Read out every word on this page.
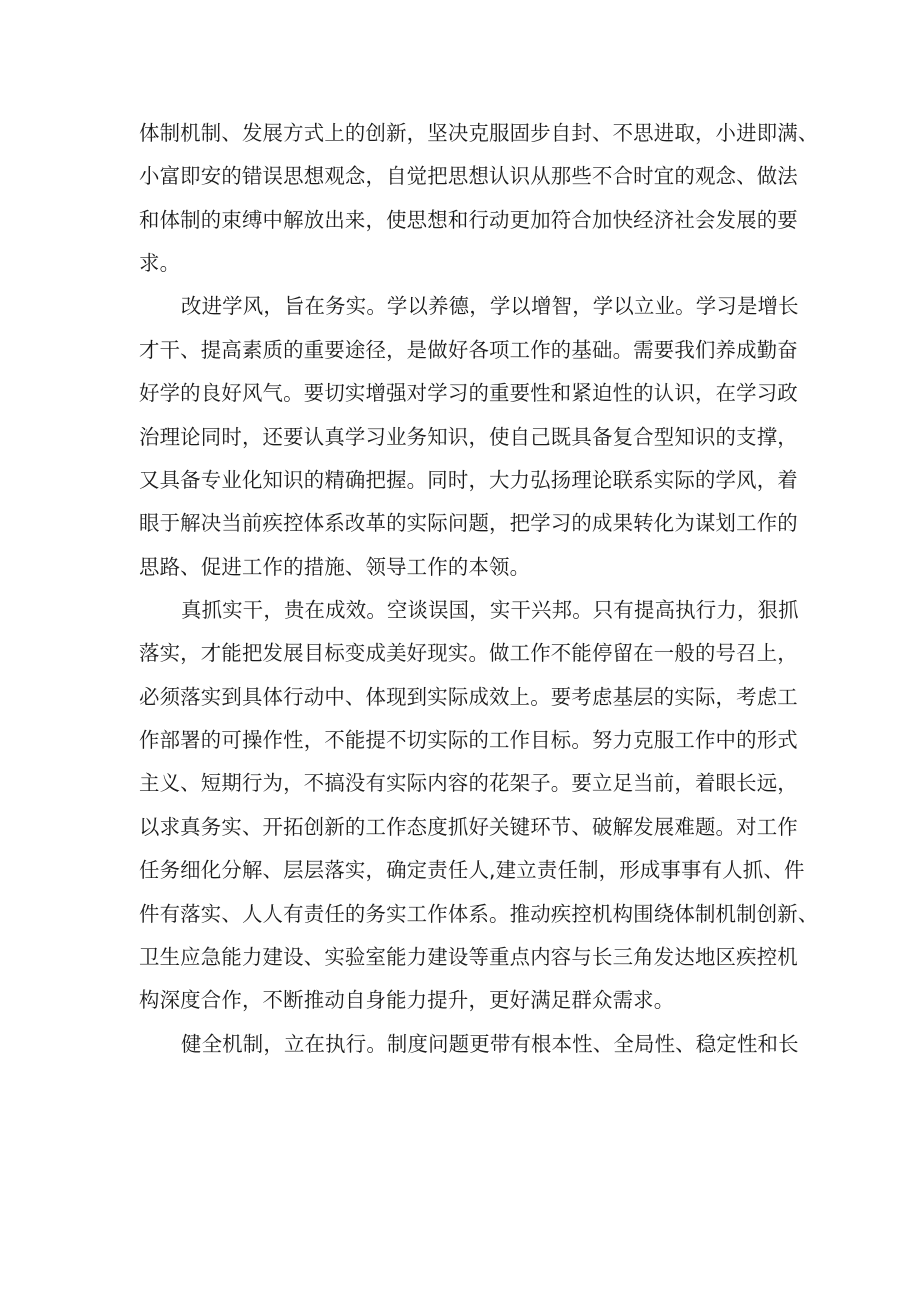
体制机制、发展方式上的创新，坚决克服固步自封、不思进取，小进即满、
小富即安的错误思想观念，自觉把思想认识从那些不合时宜的观念、做法
和体制的束缚中解放出来，使思想和行动更加符合加快经济社会发展的要
求。
改进学风，旨在务实。学以养德，学以增智，学以立业。学习是增长
才干、提高素质的重要途径，是做好各项工作的基础。需要我们养成勤奋
好学的良好风气。要切实增强对学习的重要性和紧迫性的认识，在学习政
治理论同时，还要认真学习业务知识，使自己既具备复合型知识的支撑，
又具备专业化知识的精确把握。同时，大力弘扬理论联系实际的学风，着
眼于解决当前疾控体系改革的实际问题，把学习的成果转化为谋划工作的
思路、促进工作的措施、领导工作的本领。
真抓实干，贵在成效。空谈误国，实干兴邦。只有提高执行力，狠抓
落实，才能把发展目标变成美好现实。做工作不能停留在一般的号召上，
必须落实到具体行动中、体现到实际成效上。要考虑基层的实际，考虑工
作部署的可操作性，不能提不切实际的工作目标。努力克服工作中的形式
主义、短期行为，不搞没有实际内容的花架子。要立足当前，着眼长远，
以求真务实、开拓创新的工作态度抓好关键环节、破解发展难题。对工作
任务细化分解、层层落实，确定责任人,建立责任制，形成事事有人抓、件
件有落实、人人有责任的务实工作体系。推动疾控机构围绕体制机制创新、
卫生应急能力建设、实验室能力建设等重点内容与长三角发达地区疾控机
构深度合作，不断推动自身能力提升，更好满足群众需求。
健全机制，立在执行。制度问题更带有根本性、全局性、稳定性和长
